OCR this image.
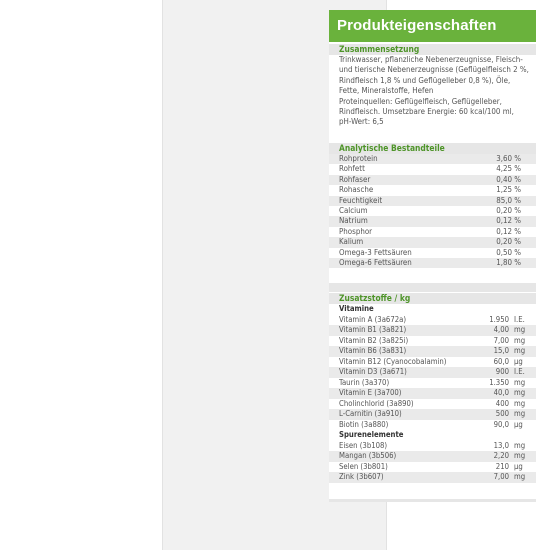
Produkteigenschaften
Zusammensetzung
Trinkwasser, pflanzliche Nebenerzeugnisse, Fleisch-
und tierische Nebenerzeugnisse (Geflügelfleisch 2 %,
Rindfleisch 1,8 % und Geflügelleber 0,8 %), Öle,
Fette, Mineralstoffe, Hefen
Proteinquellen: Geflügelfleisch, Geflügelleber,
Rindfleisch. Umsetzbare Energie: 60 kcal/100 ml,
pH-Wert: 6,5
Analytische Bestandteile
Rohprotein	3,60 %
Rohfett	4,25 %
Rohfaser	0,40 %
Rohasche	1,25 %
Feuchtigkeit	85,0 %
Calcium	0,20 %
Natrium	0,12 %
Phosphor	0,12 %
Kalium	0,20 %
Omega-3 Fettsäuren	0,50 %
Omega-6 Fettsäuren	1,80 %
Zusatzstoffe / kg
Vitamine
Vitamin A (3a672a)	1.950 I.E.
Vitamin B1 (3a821)	4,00 mg
Vitamin B2 (3a825i)	7,00 mg
Vitamin B6 (3a831)	15,0 mg
Vitamin B12 (Cyanocobalamin)	60,0 µg
Vitamin D3 (3a671)	900 I.E.
Taurin (3a370)	1.350 mg
Vitamin E (3a700)	40,0 mg
Cholinchlorid (3a890)	400 mg
L-Carnitin (3a910)	500 mg
Biotin (3a880)	90,0 µg
Spurenelemente
Eisen (3b108)	13,0 mg
Mangan (3b506)	2,20 mg
Selen (3b801)	210 µg
Zink (3b607)	7,00 mg
